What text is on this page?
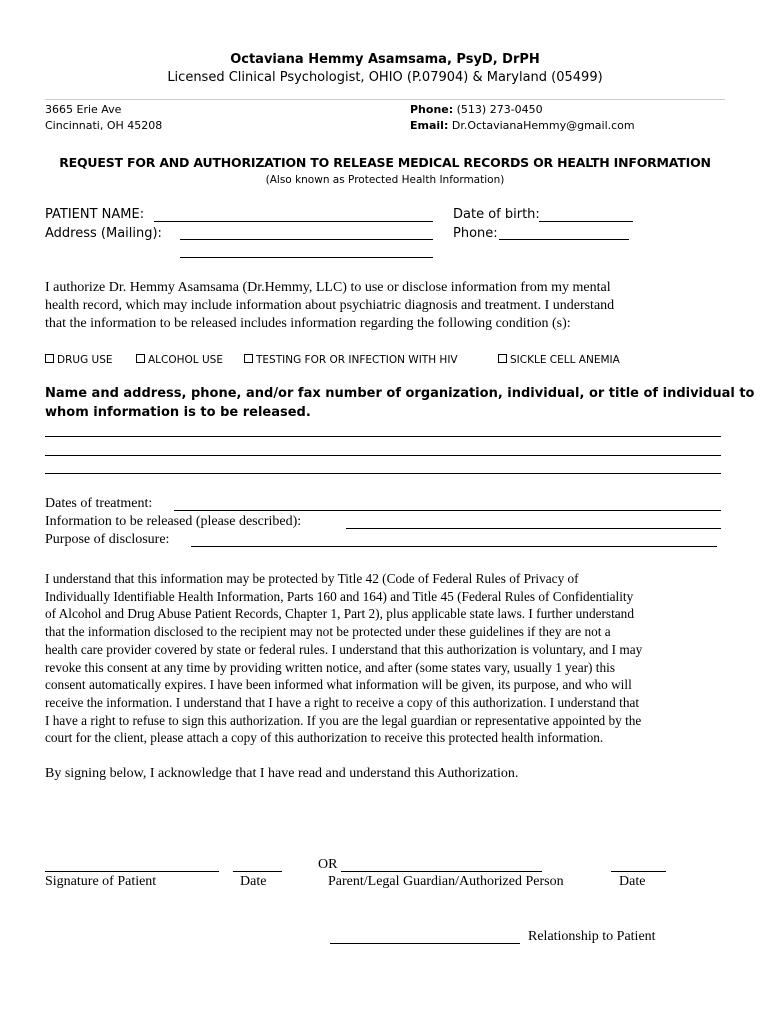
Octaviana Hemmy Asamsama, PsyD, DrPH
Licensed Clinical Psychologist, OHIO (P.07904) & Maryland (05499)
3665 Erie Ave
Cincinnati, OH 45208
Phone: (513) 273-0450
Email: Dr.OctavianaHemmy@gmail.com
REQUEST FOR AND AUTHORIZATION TO RELEASE MEDICAL RECORDS OR HEALTH INFORMATION
(Also known as Protected Health Information)
PATIENT NAME:	Date of birth:
Address (Mailing):	Phone:
I authorize Dr. Hemmy Asamsama (Dr.Hemmy, LLC) to use or disclose information from my mental
health record, which may include information about psychiatric diagnosis and treatment. I understand
that the information to be released includes information regarding the following condition (s):
DRUG USE	ALCOHOL USE	TESTING FOR OR INFECTION WITH HIV	SICKLE CELL ANEMIA
Name and address, phone, and/or fax number of organization, individual, or title of individual to
whom information is to be released.
Dates of treatment:
Information to be released (please described):
Purpose of disclosure:

I understand that this information may be protected by Title 42 (Code of Federal Rules of Privacy of

Individually Identifiable Health Information, Parts 160 and 164) and Title 45 (Federal Rules of Confidentiality

of Alcohol and Drug Abuse Patient Records, Chapter 1, Part 2), plus applicable state laws. I further understand

that the information disclosed to the recipient may not be protected under these guidelines if they are not a

health care provider covered by state or federal rules. I understand that this authorization is voluntary, and I may

revoke this consent at any time by providing written notice, and after (some states vary, usually 1 year) this

consent automatically expires. I have been informed what information will be given, its purpose, and who will

receive the information. I understand that I have a right to receive a copy of this authorization. I understand that

I have a right to refuse to sign this authorization. If you are the legal guardian or representative appointed by the

court for the client, please attach a copy of this authorization to receive this protected health information.

By signing below, I acknowledge that I have read and understand this Authorization.
OR
Signature of Patient	Date	Parent/Legal Guardian/Authorized Person	Date
Relationship to Patient
